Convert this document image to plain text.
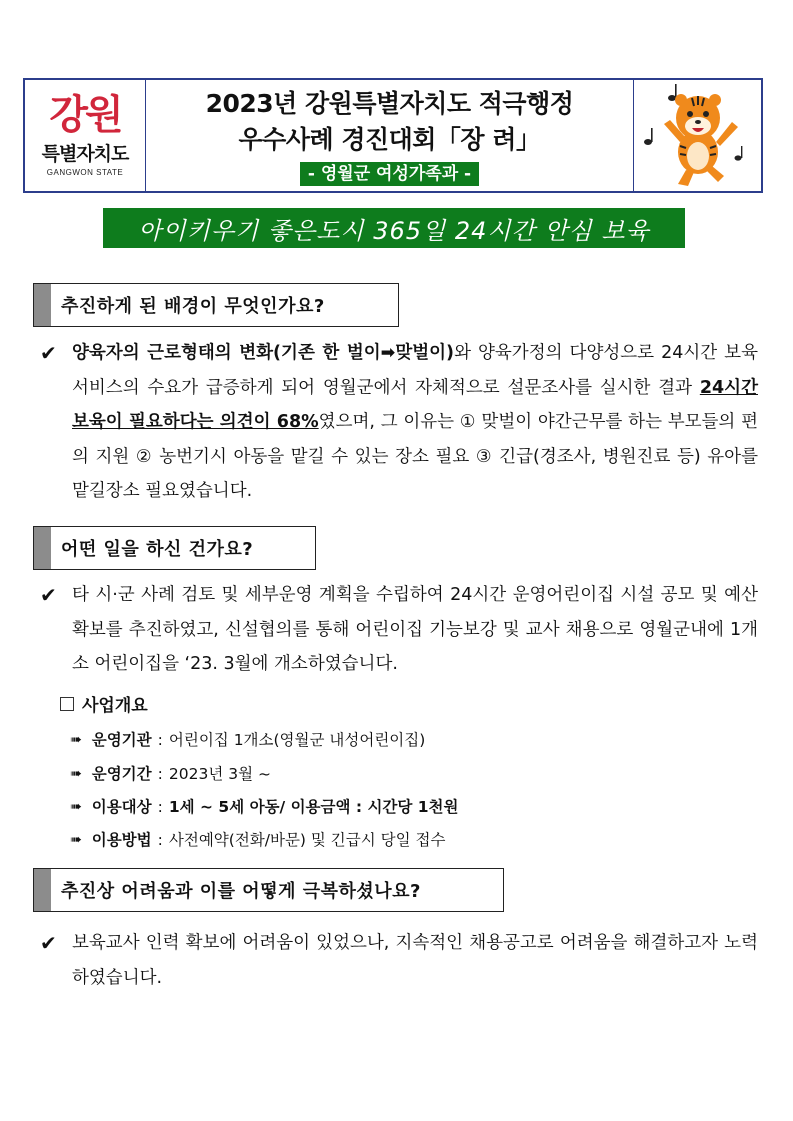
강원
특별자치도
GANGWON STATE
2023년 강원특별자치도 적극행정
우수사례 경진대회「장 려」
- 영월군 여성가족과 -
아이키우기 좋은도시 365일 24시간 안심 보육
추진하게 된 배경이 무엇인가요?
✔ 양육자의 근로형태의 변화(기존 한 벌이➡맞벌이)와 양육가정의 다양성으로 24시간 보육서비스의 수요가 급증하게 되어 영월군에서 자체적으로 설문조사를 실시한 결과 24시간 보육이 필요하다는 의견이 68%였으며, 그 이유는 ① 맞벌이 야간근무를 하는 부모들의 편의 지원 ② 농번기시 아동을 맡길 수 있는 장소 필요 ③ 긴급(경조사, 병원진료 등) 유아를 맡길장소 필요였습니다.
어떤 일을 하신 건가요?
✔ 타 시·군 사례 검토 및 세부운영 계획을 수립하여 24시간 운영어린이집 시설 공모 및 예산확보를 추진하였고, 신설협의를 통해 어린이집 기능보강 및 교사 채용으로 영월군내에 1개소 어린이집을 ‘23. 3월에 개소하였습니다.
사업개요
➠ 운영기관 : 어린이집 1개소(영월군 내성어린이집)
➠ 운영기간 : 2023년 3월 ~
➠ 이용대상 : 1세 ~ 5세 아동/ 이용금액 : 시간당 1천원
➠ 이용방법 : 사전예약(전화/바문) 및 긴급시 당일 접수
추진상 어려움과 이를 어떻게 극복하셨나요?
✔ 보육교사 인력 확보에 어려움이 있었으나, 지속적인 채용공고로 어려움을 해결하고자 노력하였습니다.
